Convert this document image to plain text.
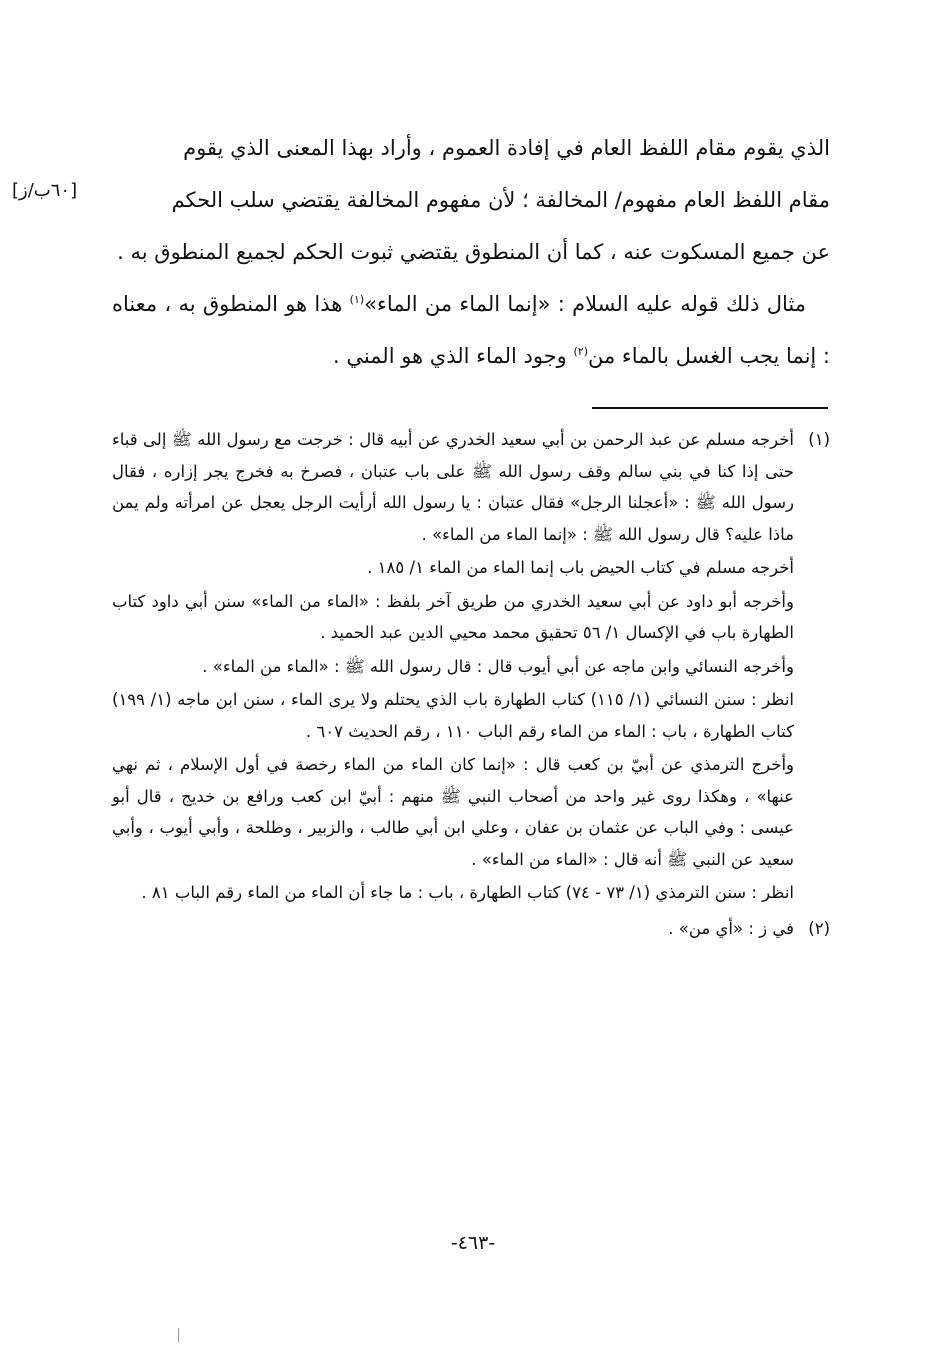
[٦٠ب/ز]

الذي يقوم مقام اللفظ العام في إفادة العموم ، وأراد بهذا المعنى الذي يقوم

مقام اللفظ العام مفهوم/ المخالفة ؛ لأن مفهوم المخالفة يقتضي سلب الحكم

عن جميع المسكوت عنه ، كما أن المنطوق يقتضي ثبوت الحكم لجميع المنطوق به .

مثال ذلك قوله عليه السلام : «إنما الماء من الماء»$^{(١)}$ هذا هو المنطوق به ، معناه : إنما يجب الغسل بالماء من$^{(٢)}$ وجود الماء الذي هو المني .

(١)

أخرجه مسلم عن عبد الرحمن بن أبي سعيد الخدري عن أبيه قال : خرجت مع رسول الله ﷺ إلى قباء حتى إذا كنا في بني سالم وقف رسول الله ﷺ على باب عتبان ، فصرخ به فخرج يجر إزاره ، فقال رسول الله ﷺ : «أعجلنا الرجل» فقال عتبان : يا رسول الله أرأيت الرجل يعجل عن امرأته ولم يمن ماذا عليه؟ قال رسول الله ﷺ : «إنما الماء من الماء» .

أخرجه مسلم في كتاب الحيض باب إنما الماء من الماء ١/ ١٨٥ .

وأخرجه أبو داود عن أبي سعيد الخدري من طريق آخر بلفظ : «الماء من الماء» سنن أبي داود كتاب الطهارة باب في الإكسال ١/ ٥٦ تحقيق محمد محيي الدين عبد الحميد .

وأخرجه النسائي وابن ماجه عن أبي أيوب قال : قال رسول الله ﷺ : «الماء من الماء» .

انظر : سنن النسائي (١/ ١١٥) كتاب الطهارة باب الذي يحتلم ولا يرى الماء ، سنن ابن ماجه (١/ ١٩٩) كتاب الطهارة ، باب : الماء من الماء رقم الباب ١١٠ ، رقم الحديث ٦٠٧ .

وأخرج الترمذي عن أبيّ بن كعب قال : «إنما كان الماء من الماء رخصة في أول الإسلام ، ثم نهي عنها» ، وهكذا روى غير واحد من أصحاب النبي ﷺ منهم : أبيّ ابن كعب ورافع بن خديج ، قال أبو عيسى : وفي الباب عن عثمان بن عفان ، وعلي ابن أبي طالب ، والزبير ، وطلحة ، وأبي أيوب ، وأبي سعيد عن النبي ﷺ أنه قال : «الماء من الماء» .

انظر : سنن الترمذي (١/ ٧٣ - ٧٤) كتاب الطهارة ، باب : ما جاء أن الماء من الماء رقم الباب ٨١ .

(٢)

في ز : «أي من» .

-٤٦٣-
